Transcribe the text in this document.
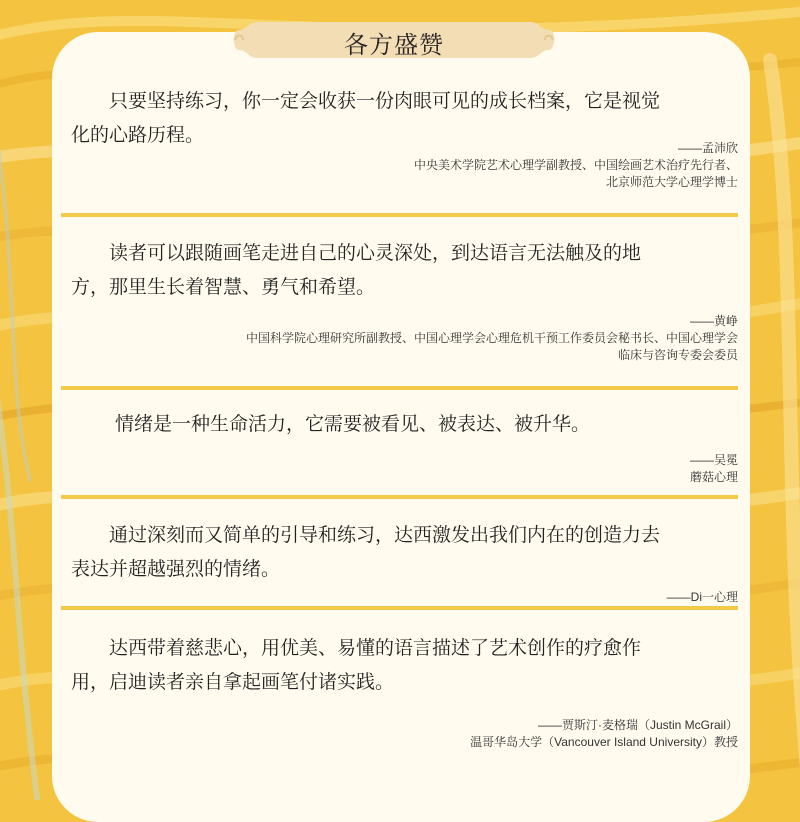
各方盛赞
只要坚持练习，你一定会收获一份肉眼可见的成长档案，它是视觉化的心路历程。
——孟沛欣
中央美术学院艺术心理学副教授、中国绘画艺术治疗先行者、
北京师范大学心理学博士
读者可以跟随画笔走进自己的心灵深处，到达语言无法触及的地方，那里生长着智慧、勇气和希望。
——黄峥
中国科学院心理研究所副教授、中国心理学会心理危机干预工作委员会秘书长、中国心理学会
临床与咨询专委会委员
情绪是一种生命活力，它需要被看见、被表达、被升华。
——吴冕
蘑菇心理
通过深刻而又简单的引导和练习，达西激发出我们内在的创造力去表达并超越强烈的情绪。
——Di一心理
达西带着慈悲心，用优美、易懂的语言描述了艺术创作的疗愈作用，启迪读者亲自拿起画笔付诸实践。
——贾斯汀·麦格瑞（Justin McGrail）
温哥华岛大学（Vancouver Island University）教授
